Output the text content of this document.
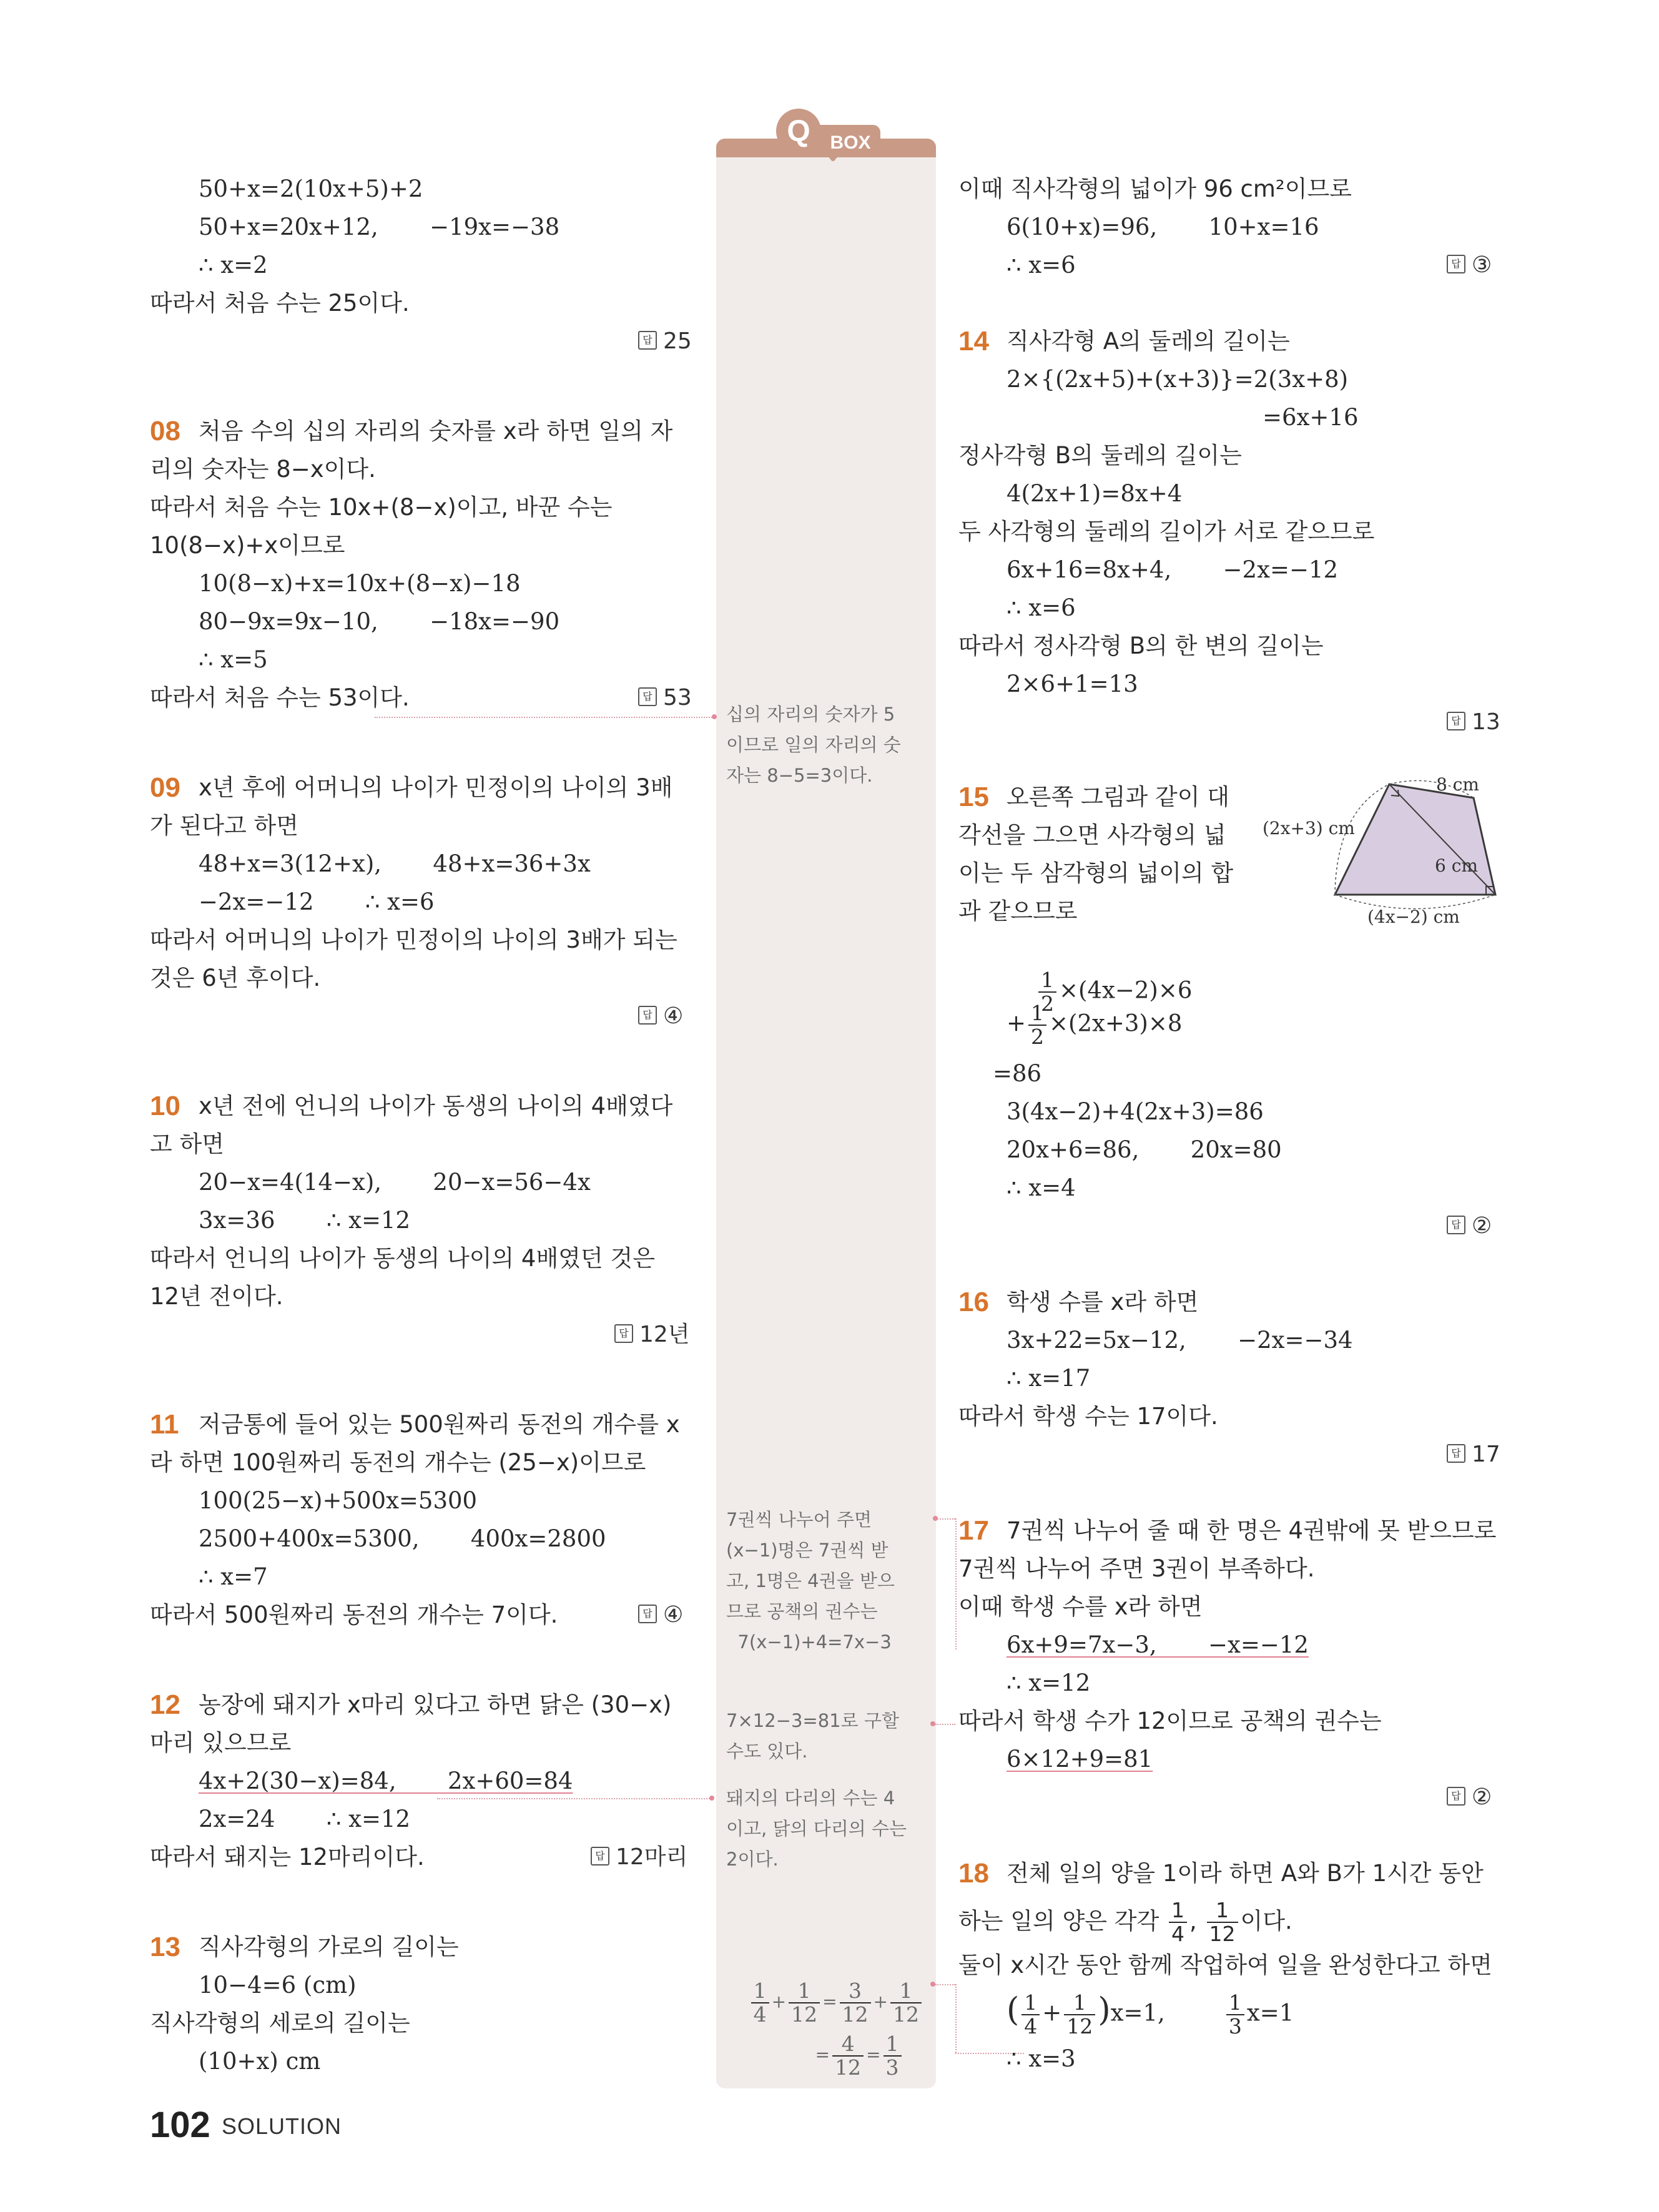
Q BOX
50+x=2(10x+5)+2
50+x=20x+12,       −19x=−38
∴ x=2
따라서 처음 수는 25이다.
답 25
08 처음 수의 십의 자리의 숫자를 x라 하면 일의 자
리의 숫자는 8−x이다.
따라서 처음 수는 10x+(8−x)이고, 바꾼 수는
10(8−x)+x이므로
10(8−x)+x=10x+(8−x)−18
80−9x=9x−10,       −18x=−90
∴ x=5
따라서 처음 수는 53이다.	답 53
09 x년 후에 어머니의 나이가 민정이의 나이의 3배
가 된다고 하면
48+x=3(12+x),       48+x=36+3x
−2x=−12       ∴ x=6
따라서 어머니의 나이가 민정이의 나이의 3배가 되는
것은 6년 후이다.
답 ④
10 x년 전에 언니의 나이가 동생의 나이의 4배였다
고 하면
20−x=4(14−x),       20−x=56−4x
3x=36       ∴ x=12
따라서 언니의 나이가 동생의 나이의 4배였던 것은
12년 전이다.
답 12년
11 저금통에 들어 있는 500원짜리 동전의 개수를 x
라 하면 100원짜리 동전의 개수는 (25−x)이므로
100(25−x)+500x=5300
2500+400x=5300,       400x=2800
∴ x=7
따라서 500원짜리 동전의 개수는 7이다.	답 ④
12 농장에 돼지가 x마리 있다고 하면 닭은 (30−x)
마리 있으므로
4x+2(30−x)=84,       2x+60=84
2x=24       ∴ x=12
따라서 돼지는 12마리이다.	답 12마리
13 직사각형의 가로의 길이는
10−4=6 (cm)
직사각형의 세로의 길이는
(10+x) cm
십의 자리의 숫자가 5
이므로 일의 자리의 숫
자는 8−5=3이다.
7권씩 나누어 주면
(x−1)명은 7권씩 받
고, 1명은 4권을 받으
므로 공책의 권수는
7(x−1)+4=7x−3
7×12−3=81로 구할
수도 있다.
돼지의 다리의 수는 4
이고, 닭의 다리의 수는
2이다.

$\frac{1}{4} + \frac{1}{12} = \frac{3}{12} + \frac{1}{12}$

= $\frac{4}{12} = \frac{1}{3}$

이때 직사각형의 넓이가 96 cm²이므로
6(10+x)=96,       10+x=16
∴ x=6	답 ③
14 직사각형 A의 둘레의 길이는
2×{(2x+5)+(x+3)}=2(3x+8)
=6x+16
정사각형 B의 둘레의 길이는
4(2x+1)=8x+4
두 사각형의 둘레의 길이가 서로 같으므로
6x+16=8x+4,       −2x=−12
∴ x=6
따라서 정사각형 B의 한 변의 길이는
2×6+1=13
답 13
15 오른쪽 그림과 같이 대
각선을 그으면 사각형의 넓
이는 두 삼각형의 넓이의 합
과 같으므로
8 cm
(2x+3) cm
6 cm
(4x−2) cm

$\frac{1}{2} \times(4x-2)\times 6$

+ $\frac{1}{2} \times(2x+3)\times 8$

=86
3(4x−2)+4(2x+3)=86
20x+6=86,       20x=80
∴ x=4
답 ②
16 학생 수를 x라 하면
3x+22=5x−12,       −2x=−34
∴ x=17
따라서 학생 수는 17이다.
답 17
17 7권씩 나누어 줄 때 한 명은 4권밖에 못 받으므로
7권씩 나누어 주면 3권이 부족하다.
이때 학생 수를 x라 하면
6x+9=7x−3,       −x=−12
∴ x=12
따라서 학생 수가 12이므로 공책의 권수는
6×12+9=81
답 ②
18 전체 일의 양을 1이라 하면 A와 B가 1시간 동안
하는 일의 양은 각각 $\frac{1}{4}$ , $\frac{1}{12}$ 이다.
둘이 x시간 동안 함께 작업하여 일을 완성한다고 하면
( $\frac{1}{4} + \frac{1}{12} )x=1$,	$\frac{1}{3} x=1$
∴ x=3
102 SOLUTION
